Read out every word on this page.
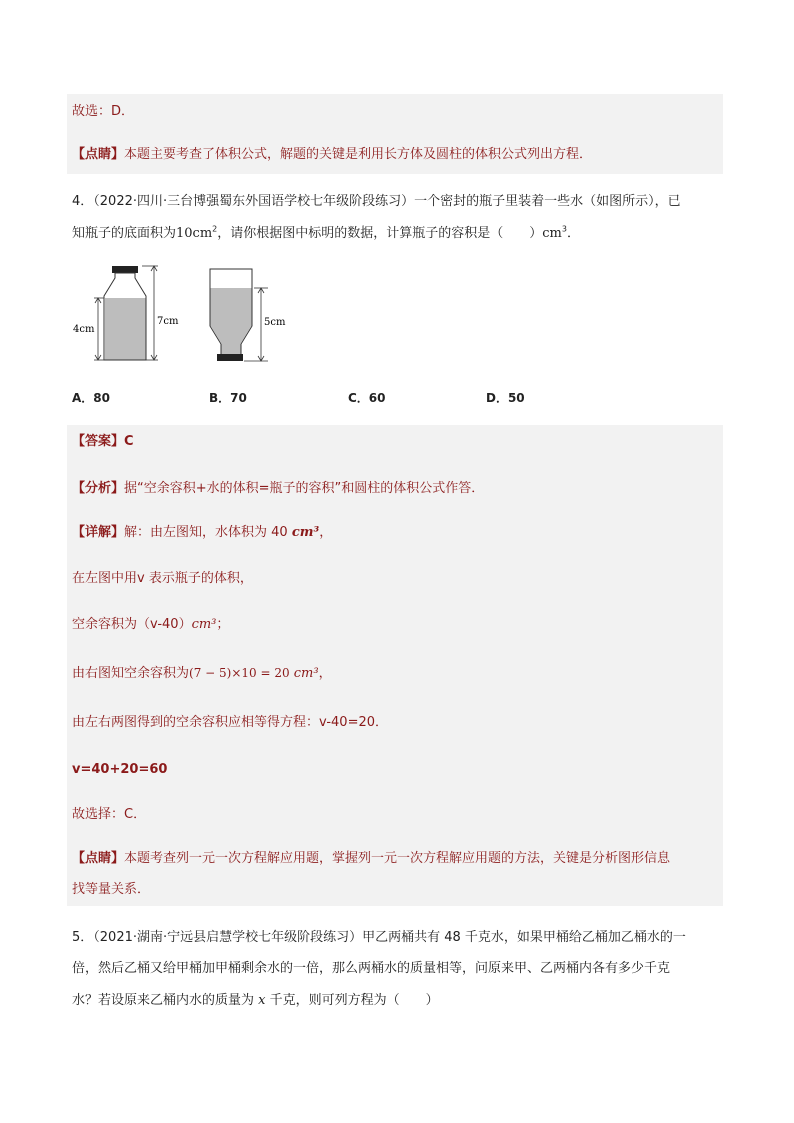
故选：D．
【点睛】本题主要考查了体积公式，解题的关键是利用长方体及圆柱的体积公式列出方程．
4．（2022·四川·三台博强蜀东外国语学校七年级阶段练习）一个密封的瓶子里装着一些水（如图所示），已
知瓶子的底面积为$10cm^2$，请你根据图中标明的数据，计算瓶子的容积是（　　）$cm^3$．
4cm
7cm	5cm
A．80	B．70	C．60	D．50
【答案】C
【分析】据“空余容积+水的体积=瓶子的容积”和圆柱的体积公式作答．
【详解】解：由左图知，水体积为 40 cm³，
在左图中用v 表示瓶子的体积，
空余容积为（v-40）cm³；
由右图知空余容积为(7 − 5)×10 = 20 cm³，
由左右两图得到的空余容积应相等得方程：v-40=20．
v=40+20=60
故选择：C．
【点睛】本题考查列一元一次方程解应用题，掌握列一元一次方程解应用题的方法，关键是分析图形信息
找等量关系．
5．（2021·湖南·宁远县启慧学校七年级阶段练习）甲乙两桶共有 48 千克水，如果甲桶给乙桶加乙桶水的一
倍，然后乙桶又给甲桶加甲桶剩余水的一倍，那么两桶水的质量相等，问原来甲、乙两桶内各有多少千克
水？若设原来乙桶内水的质量为 x 千克，则可列方程为（　　）
